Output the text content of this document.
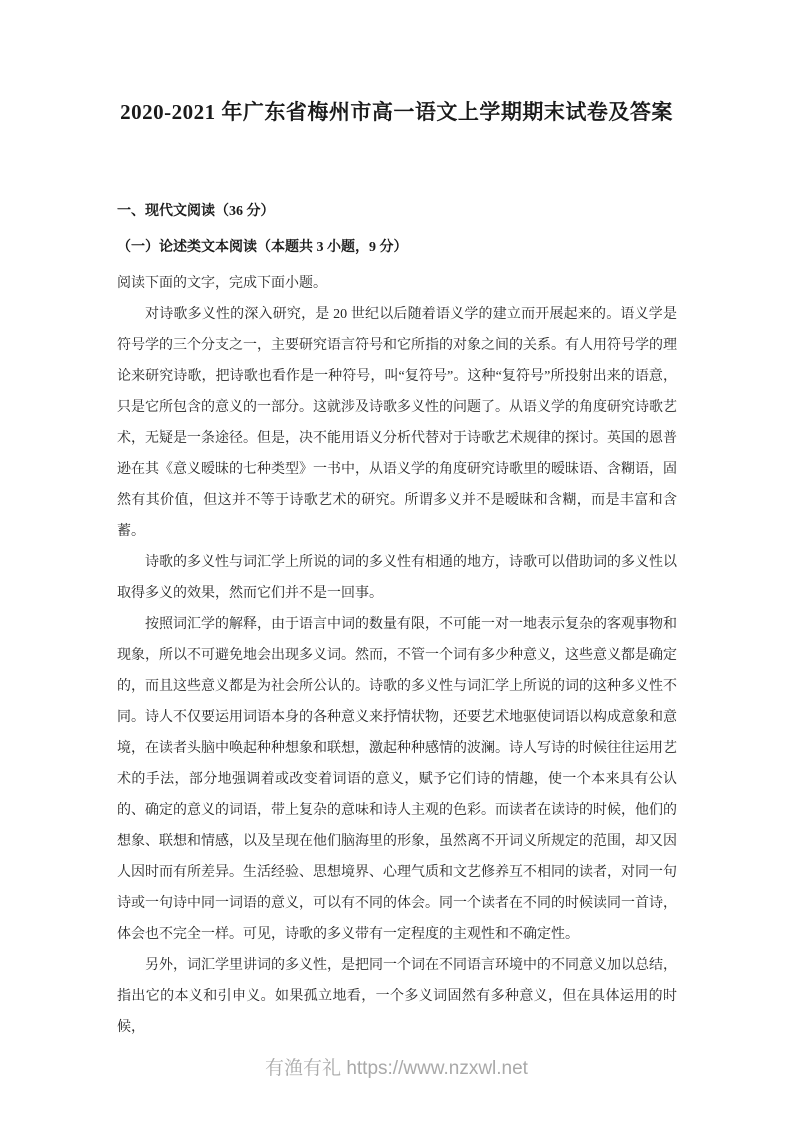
2020-2021 年广东省梅州市高一语文上学期期末试卷及答案
一、现代文阅读（36 分）
（一）论述类文本阅读（本题共 3 小题，9 分）

阅读下面的文字，完成下面小题。

对诗歌多义性的深入研究，是 20 世纪以后随着语义学的建立而开展起来的。语义学是符号学的三个分支之一，主要研究语言符号和它所指的对象之间的关系。有人用符号学的理论来研究诗歌，把诗歌也看作是一种符号，叫“复符号”。这种“复符号”所投射出来的语意，只是它所包含的意义的一部分。这就涉及诗歌多义性的问题了。从语义学的角度研究诗歌艺术，无疑是一条途径。但是，决不能用语义分析代替对于诗歌艺术规律的探讨。英国的恩普逊在其《意义暧昧的七种类型》一书中，从语义学的角度研究诗歌里的暧昧语、含糊语，固然有其价值，但这并不等于诗歌艺术的研究。所谓多义并不是暧昧和含糊，而是丰富和含蓄。

诗歌的多义性与词汇学上所说的词的多义性有相通的地方，诗歌可以借助词的多义性以取得多义的效果，然而它们并不是一回事。

按照词汇学的解释，由于语言中词的数量有限，不可能一对一地表示复杂的客观事物和现象，所以不可避免地会出现多义词。然而，不管一个词有多少种意义，这些意义都是确定的，而且这些意义都是为社会所公认的。诗歌的多义性与词汇学上所说的词的这种多义性不同。诗人不仅要运用词语本身的各种意义来抒情状物，还要艺术地驱使词语以构成意象和意境，在读者头脑中唤起种种想象和联想，激起种种感情的波澜。诗人写诗的时候往往运用艺术的手法，部分地强调着或改变着词语的意义，赋予它们诗的情趣，使一个本来具有公认的、确定的意义的词语，带上复杂的意味和诗人主观的色彩。而读者在读诗的时候，他们的想象、联想和情感，以及呈现在他们脑海里的形象，虽然离不开词义所规定的范围，却又因人因时而有所差异。生活经验、思想境界、心理气质和文艺修养互不相同的读者，对同一句诗或一句诗中同一词语的意义，可以有不同的体会。同一个读者在不同的时候读同一首诗，体会也不完全一样。可见，诗歌的多义带有一定程度的主观性和不确定性。

另外，词汇学里讲词的多义性，是把同一个词在不同语言环境中的不同意义加以总结，指出它的本义和引申义。如果孤立地看，一个多义词固然有多种意义，但在具体运用的时候，

有渔有礼 https://www.nzxwl.net
